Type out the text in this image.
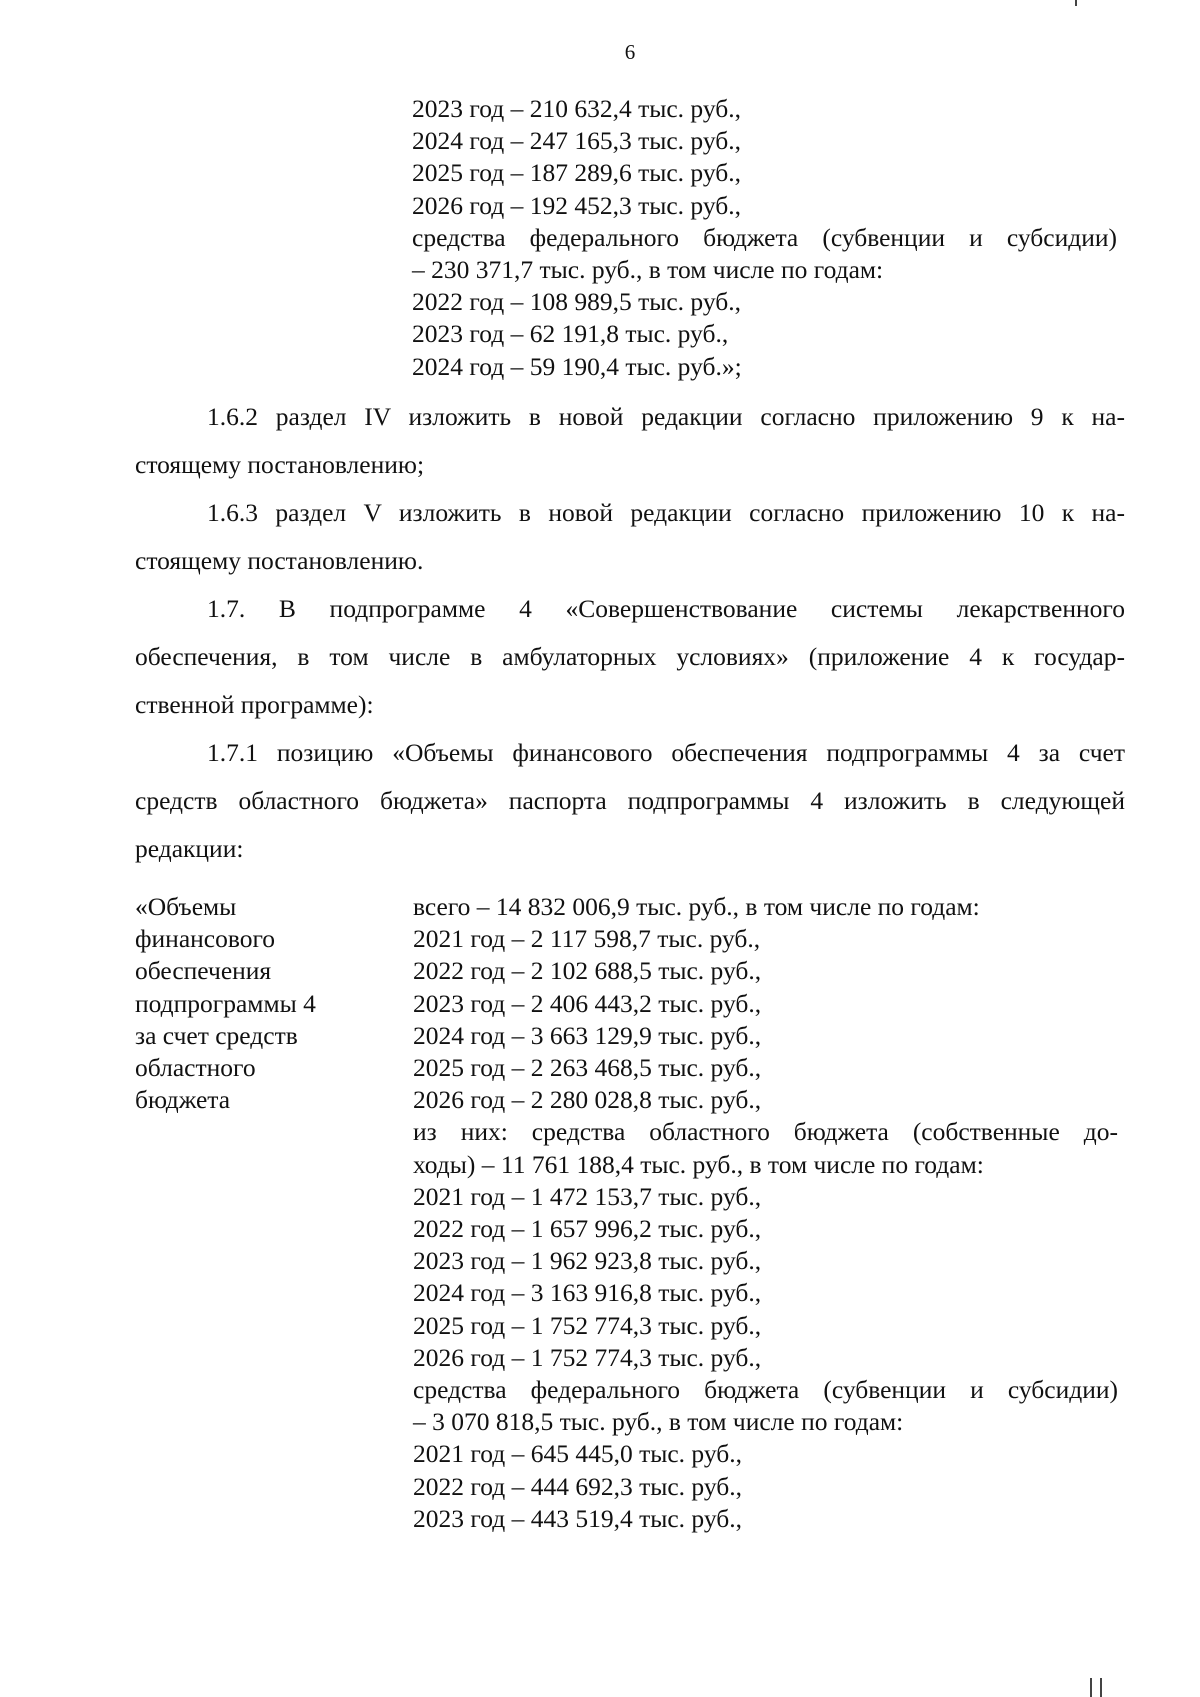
6
2023 год – 210 632,4 тыс. руб.,
2024 год – 247 165,3 тыс. руб.,
2025 год – 187 289,6 тыс. руб.,
2026 год – 192 452,3 тыс. руб.,
средства федерального бюджета (субвенции и субсидии)
– 230 371,7 тыс. руб., в том числе по годам:
2022 год – 108 989,5 тыс. руб.,
2023 год – 62 191,8 тыс. руб.,
2024 год – 59 190,4 тыс. руб.»;
1.6.2 раздел IV изложить в новой редакции согласно приложению 9 к на-
стоящему постановлению;
1.6.3 раздел V изложить в новой редакции согласно приложению 10 к на-
стоящему постановлению.
1.7. В подпрограмме 4 «Совершенствование системы лекарственного
обеспечения, в том числе в амбулаторных условиях» (приложение 4 к государ-
ственной программе):
1.7.1 позицию «Объемы финансового обеспечения подпрограммы 4 за счет
средств областного бюджета» паспорта подпрограммы 4 изложить в следующей
редакции:
«Объемы
финансового
обеспечения
подпрограммы 4
за счет средств
областного
бюджета
всего – 14 832 006,9 тыс. руб., в том числе по годам:
2021 год – 2 117 598,7 тыс. руб.,
2022 год – 2 102 688,5 тыс. руб.,
2023 год – 2 406 443,2 тыс. руб.,
2024 год – 3 663 129,9 тыс. руб.,
2025 год – 2 263 468,5 тыс. руб.,
2026 год – 2 280 028,8 тыс. руб.,
из них: средства областного бюджета (собственные до-
ходы) – 11 761 188,4 тыс. руб., в том числе по годам:
2021 год – 1 472 153,7 тыс. руб.,
2022 год – 1 657 996,2 тыс. руб.,
2023 год – 1 962 923,8 тыс. руб.,
2024 год – 3 163 916,8 тыс. руб.,
2025 год – 1 752 774,3 тыс. руб.,
2026 год – 1 752 774,3 тыс. руб.,
средства федерального бюджета (субвенции и субсидии)
– 3 070 818,5 тыс. руб., в том числе по годам:
2021 год – 645 445,0 тыс. руб.,
2022 год – 444 692,3 тыс. руб.,
2023 год – 443 519,4 тыс. руб.,
